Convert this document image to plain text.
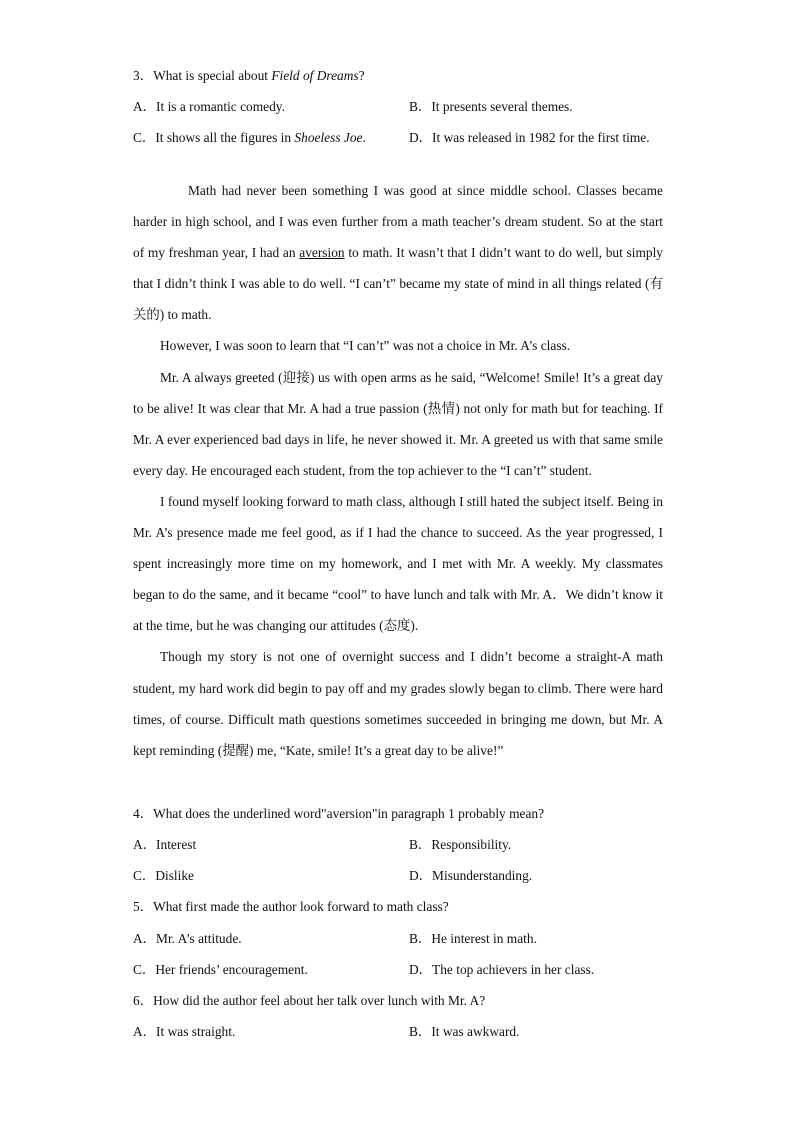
3．What is special about Field of Dreams?
A．It is a romantic comedy.	B．It presents several themes.
C．It shows all the figures in Shoeless Joe.	D．It was released in 1982 for the first time.

Math had never been something I was good at since middle school. Classes became harder in high school, and I was even further from a math teacher’s dream student. So at the start of my freshman year, I had an aversion to math. It wasn’t that I didn’t want to do well, but simply that I didn’t think I was able to do well. “I can’t” became my state of mind in all things related (有关的) to math.

However, I was soon to learn that “I can’t” was not a choice in Mr. A’s class.

Mr. A always greeted (迎接) us with open arms as he said, “Welcome! Smile! It’s a great day to be alive! It was clear that Mr. A had a true passion (热情) not only for math but for teaching. If Mr. A ever experienced bad days in life, he never showed it. Mr. A greeted us with that same smile every day. He encouraged each student, from the top achiever to the “I can’t” student.

I found myself looking forward to math class, although I still hated the subject itself. Being in Mr. A’s presence made me feel good, as if I had the chance to succeed. As the year progressed, I spent increasingly more time on my homework, and I met with Mr. A weekly. My classmates began to do the same, and it became “cool” to have lunch and talk with Mr. A．We didn’t know it at the time, but he was changing our attitudes (态度).

Though my story is not one of overnight success and I didn’t become a straight-A math student, my hard work did begin to pay off and my grades slowly began to climb. There were hard times, of course. Difficult math questions sometimes succeeded in bringing me down, but Mr. A kept reminding (提醒) me, “Kate, smile! It’s a great day to be alive!”

4．What does the underlined word"aversion"in paragraph 1 probably mean?
A．Interest	B．Responsibility.
C．Dislike	D．Misunderstanding.
5．What first made the author look forward to math class?
A．Mr. A’s attitude.	B．He interest in math.
C．Her friends’ encouragement.	D．The top achievers in her class.
6．How did the author feel about her talk over lunch with Mr. A?
A．It was straight.	B．It was awkward.
